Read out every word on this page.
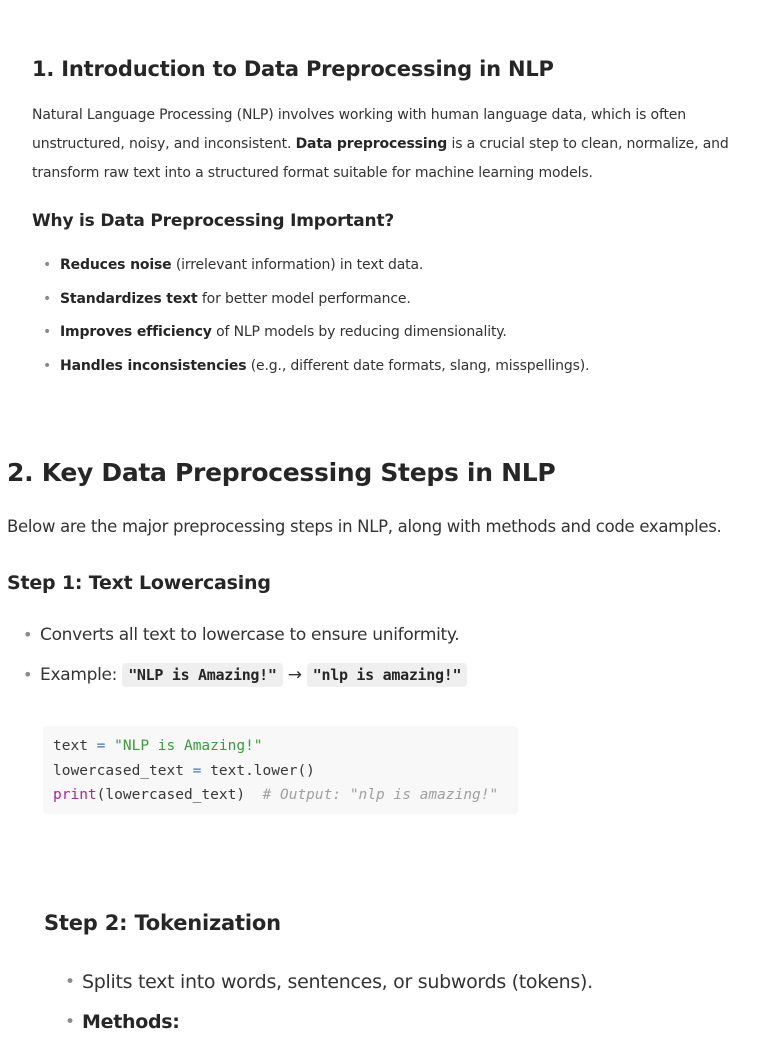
1. Introduction to Data Preprocessing in NLP
Natural Language Processing (NLP) involves working with human language data, which is often unstructured, noisy, and inconsistent. Data preprocessing is a crucial step to clean, normalize, and transform raw text into a structured format suitable for machine learning models.
Why is Data Preprocessing Important?
• Reduces noise (irrelevant information) in text data.
• Standardizes text for better model performance.
• Improves efficiency of NLP models by reducing dimensionality.
• Handles inconsistencies (e.g., different date formats, slang, misspellings).
2. Key Data Preprocessing Steps in NLP
Below are the major preprocessing steps in NLP, along with methods and code examples.
Step 1: Text Lowercasing
• Converts all text to lowercase to ensure uniformity.
• Example: "NLP is Amazing!" → "nlp is amazing!"
text = "NLP is Amazing!"
lowercased_text = text.lower()
print(lowercased_text)  # Output: "nlp is amazing!"
Step 2: Tokenization
• Splits text into words, sentences, or subwords (tokens).
• Methods:
